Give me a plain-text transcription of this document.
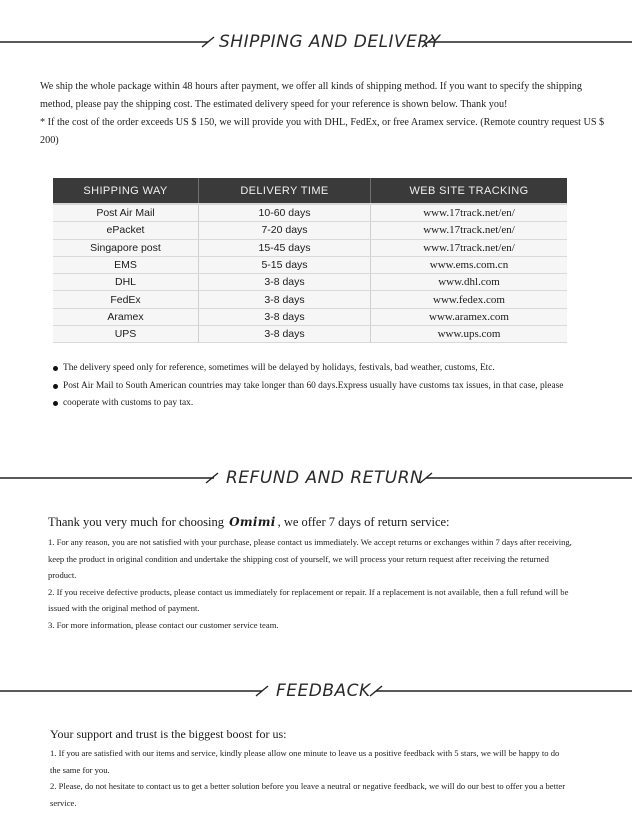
SHIPPING AND DELIVERY

We ship the whole package within 48 hours after payment, we offer all kinds of shipping method. If you want to specify the shipping method, please pay the shipping cost. The estimated delivery speed for your reference is shown below. Thank you!

* If the cost of the order exceeds US $ 150, we will provide you with DHL, FedEx, or free Aramex service. (Remote country request US $ 200)

SHIPPING WAY	DELIVERY TIME	WEB SITE TRACKING
Post Air Mail	10-60 days	www.17track.net/en/
ePacket	7-20 days	www.17track.net/en/
Singapore post	15-45 days	www.17track.net/en/
EMS	5-15 days	www.ems.com.cn
DHL	3-8 days	www.dhl.com
FedEx	3-8 days	www.fedex.com
Aramex	3-8 days	www.aramex.com
UPS	3-8 days	www.ups.com
The delivery speed only for reference, sometimes will be delayed by holidays, festivals, bad weather, customs, Etc.
Post Air Mail to South American countries may take longer than 60 days.Express usually have customs tax issues, in that case, please
cooperate with customs to pay tax.
REFUND AND RETURN
Thank you very much for choosing Omimi , we offer 7 days of return service:

1. For any reason, you are not satisfied with your purchase, please contact us immediately. We accept returns or exchanges within 7 days after receiving, keep the product in original condition and undertake the shipping cost of yourself, we will process your return request after receiving the returned product.

2. If you receive defective products, please contact us immediately for replacement or repair. If a replacement is not available, then a full refund will be issued with the original method of payment.

3. For more information, please contact our customer service team.

FEEDBACK
Your support and trust is the biggest boost for us:

1. If you are satisfied with our items and service, kindly please allow one minute to leave us a positive feedback with 5 stars, we will be happy to do the same for you.

2. Please, do not hesitate to contact us to get a better solution before you leave a neutral or negative feedback, we will do our best to offer you a better service.
